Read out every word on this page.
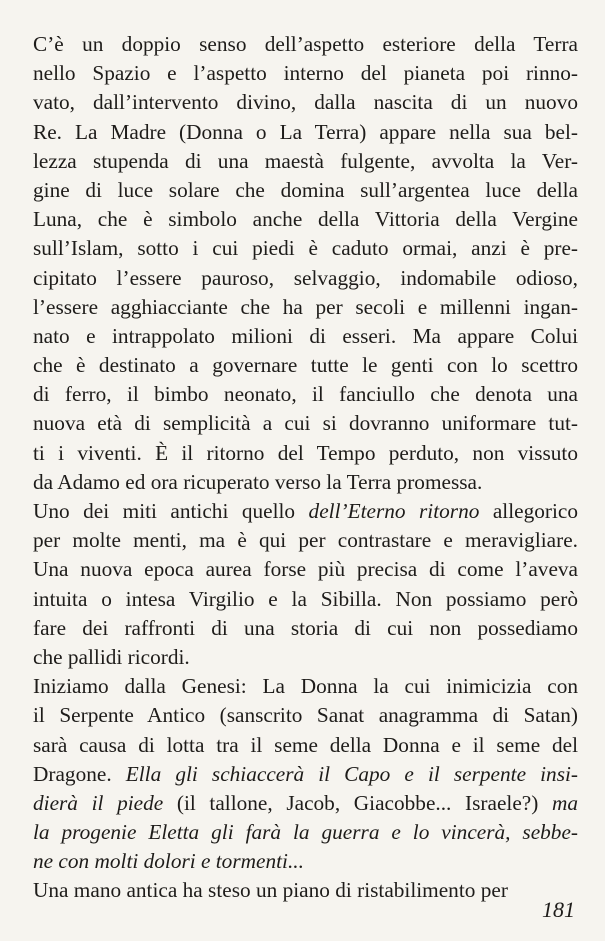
C’è un doppio senso dell’aspetto esteriore della Terra
nello Spazio e l’aspetto interno del pianeta poi rinno-
vato, dall’intervento divino, dalla nascita di un nuovo
Re. La Madre (Donna o La Terra) appare nella sua bel-
lezza stupenda di una maestà fulgente, avvolta la Ver-
gine di luce solare che domina sull’argentea luce della
Luna, che è simbolo anche della Vittoria della Vergine
sull’Islam, sotto i cui piedi è caduto ormai, anzi è pre-
cipitato l’essere pauroso, selvaggio, indomabile odioso,
l’essere agghiacciante che ha per secoli e millenni ingan-
nato e intrappolato milioni di esseri. Ma appare Colui
che è destinato a governare tutte le genti con lo scettro
di ferro, il bimbo neonato, il fanciullo che denota una
nuova età di semplicità a cui si dovranno uniformare tut-
ti i viventi. È il ritorno del Tempo perduto, non vissuto
da Adamo ed ora ricuperato verso la Terra promessa.
Uno dei miti antichi quello dell’Eterno ritorno allegorico
per molte menti, ma è qui per contrastare e meravigliare.
Una nuova epoca aurea forse più precisa di come l’aveva
intuita o intesa Virgilio e la Sibilla. Non possiamo però
fare dei raffronti di una storia di cui non possediamo
che pallidi ricordi.
Iniziamo dalla Genesi: La Donna la cui inimicizia con
il Serpente Antico (sanscrito Sanat anagramma di Satan)
sarà causa di lotta tra il seme della Donna e il seme del
Dragone. Ella gli schiaccerà il Capo e il serpente insi-
dierà il piede (il tallone, Jacob, Giacobbe... Israele?) ma
la progenie Eletta gli farà la guerra e lo vincerà, sebbe-
ne con molti dolori e tormenti...
Una mano antica ha steso un piano di ristabilimento per
181
